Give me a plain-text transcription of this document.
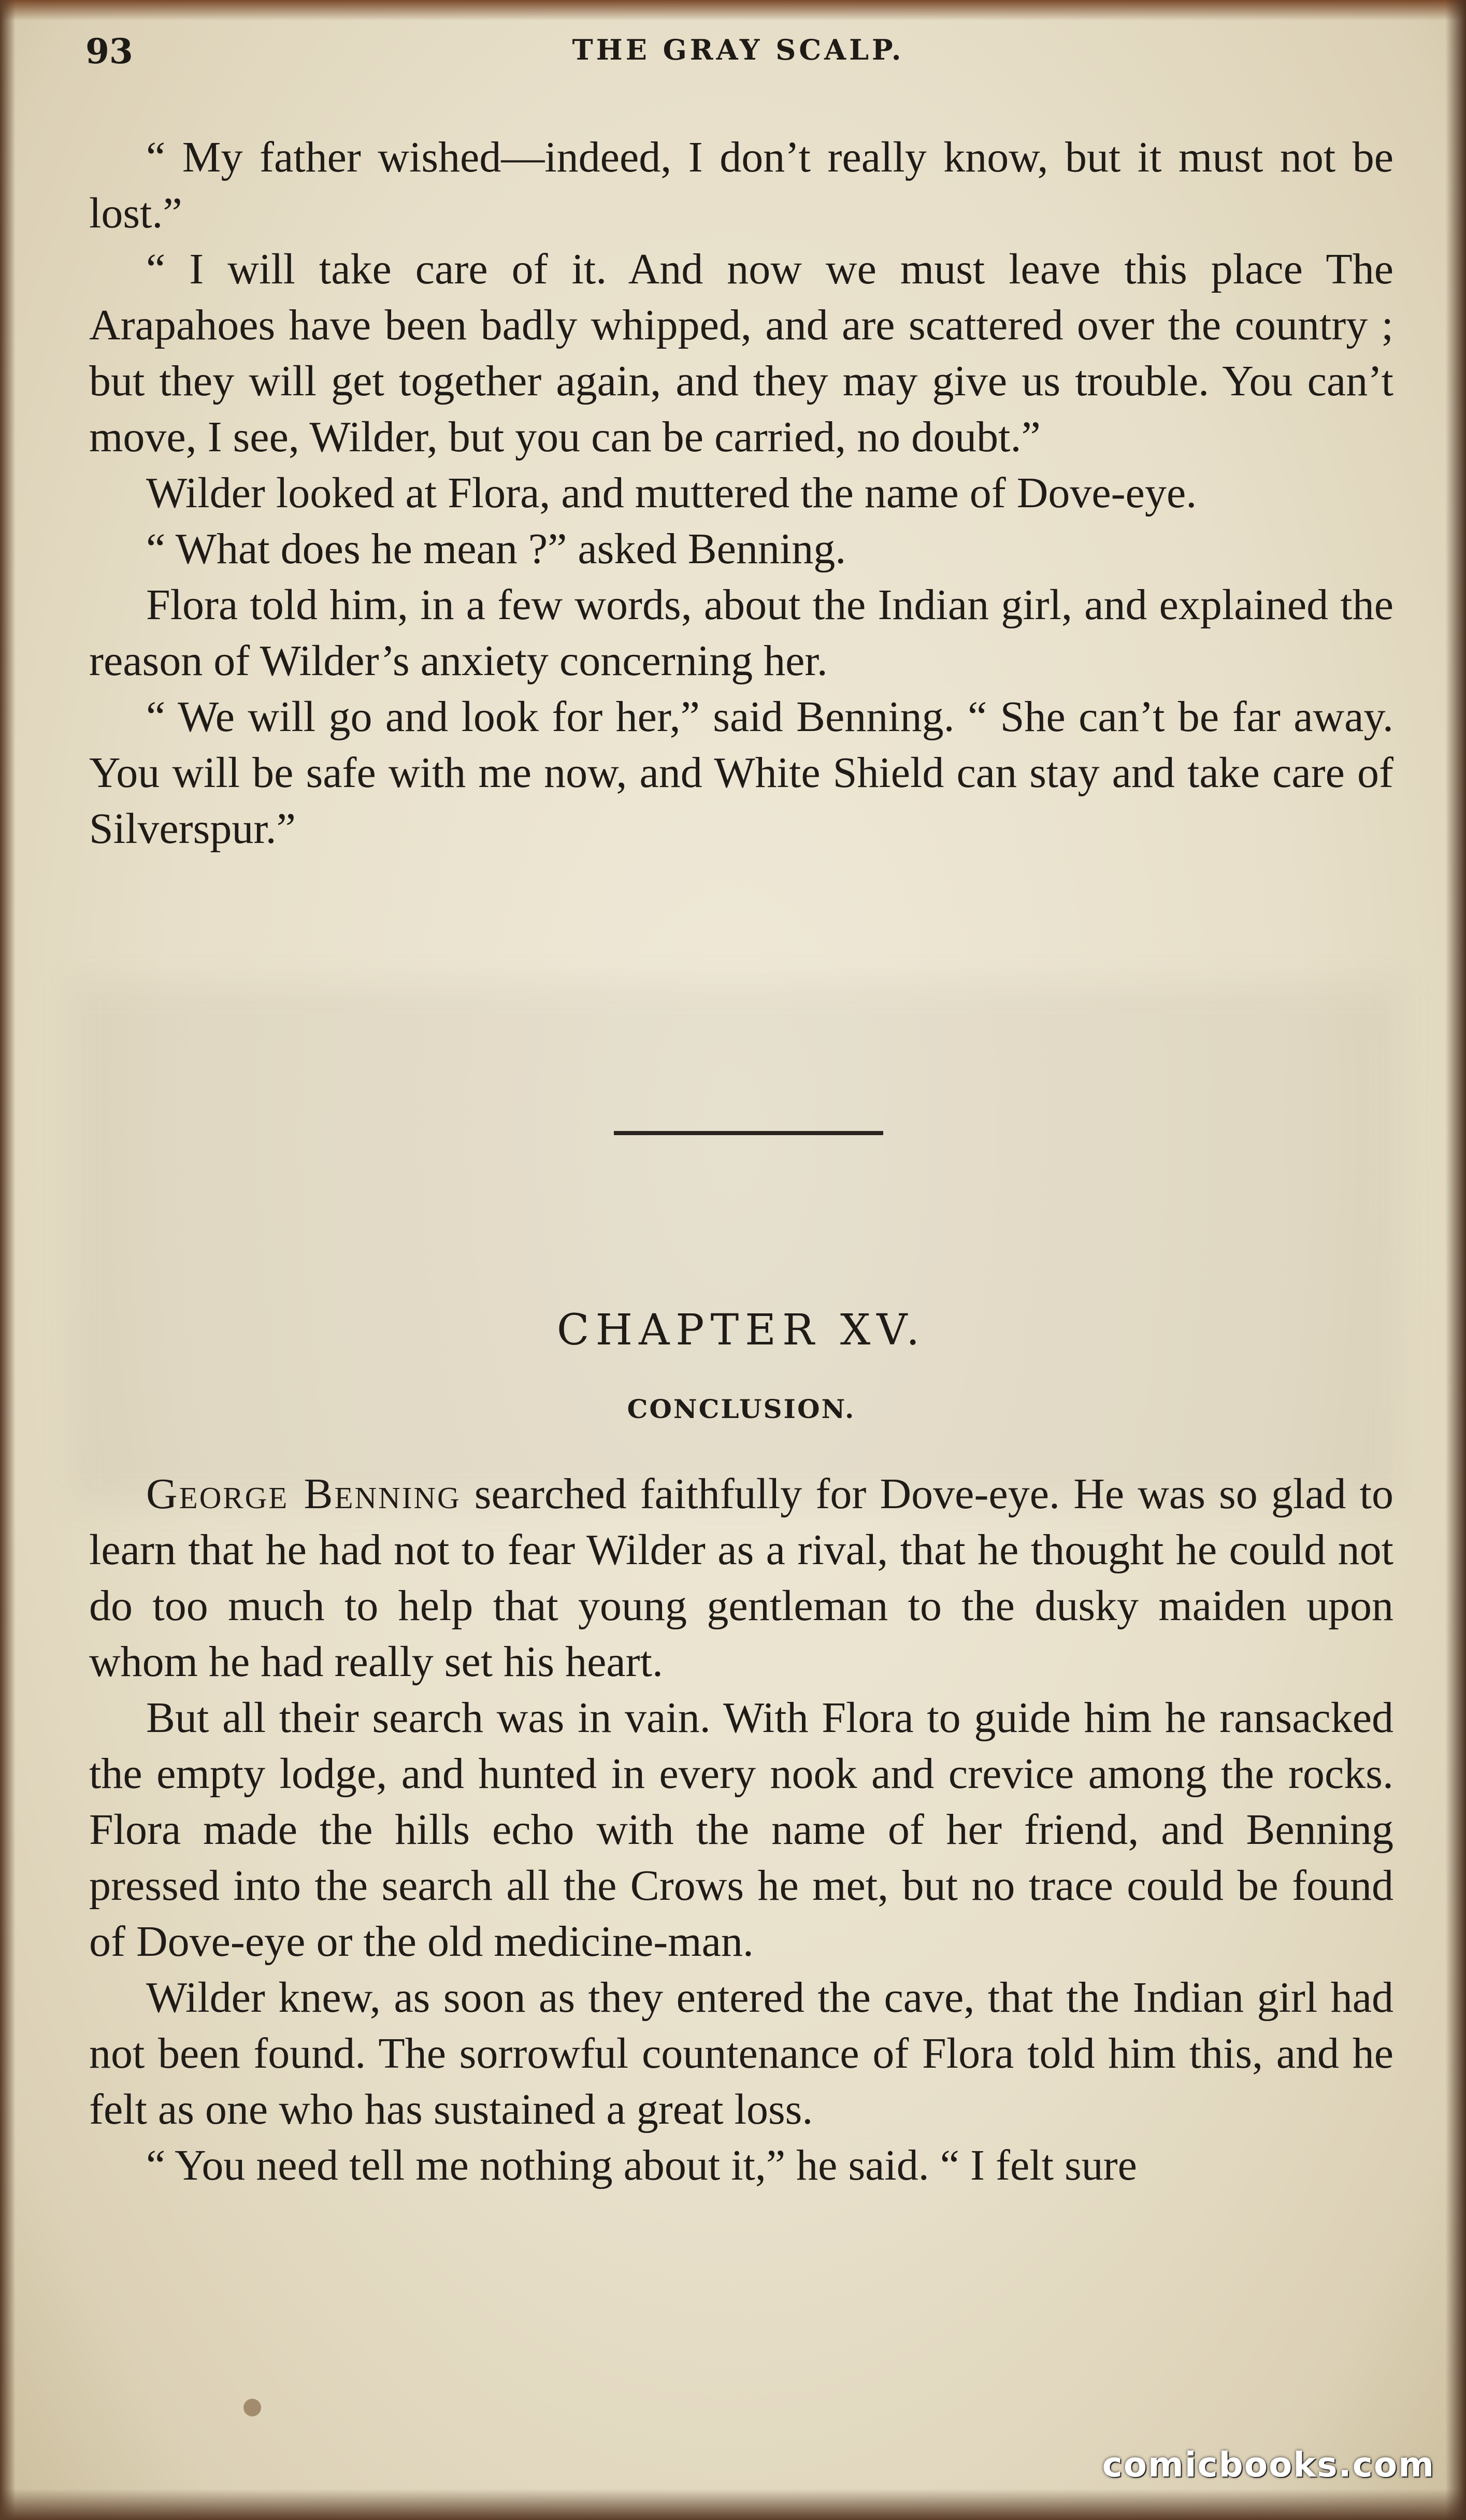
93	THE GRAY SCALP.

“ My father wished—indeed, I don’t really know, but it must not be lost.”

“ I will take care of it. And now we must leave this place The Arapahoes have been badly whipped, and are scattered over the country ; but they will get together again, and they may give us trouble. You can’t move, I see, Wilder, but you can be carried, no doubt.”

Wilder looked at Flora, and muttered the name of Dove-eye.

“ What does he mean ?” asked Benning.

Flora told him, in a few words, about the Indian girl, and explained the reason of Wilder’s anxiety concerning her.

“ We will go and look for her,” said Benning. “ She can’t be far away. You will be safe with me now, and White Shield can stay and take care of Silverspur.”

CHAPTER XV.
CONCLUSION.

George Benning searched faithfully for Dove-eye. He was so glad to learn that he had not to fear Wilder as a rival, that he thought he could not do too much to help that young gentleman to the dusky maiden upon whom he had really set his heart.

But all their search was in vain. With Flora to guide him he ransacked the empty lodge, and hunted in every nook and crevice among the rocks. Flora made the hills echo with the name of her friend, and Benning pressed into the search all the Crows he met, but no trace could be found of Dove-eye or the old medicine-man.

Wilder knew, as soon as they entered the cave, that the Indian girl had not been found. The sorrowful countenance of Flora told him this, and he felt as one who has sustained a great loss.

“ You need tell me nothing about it,” he said. “ I felt sure

comicbooks.com
